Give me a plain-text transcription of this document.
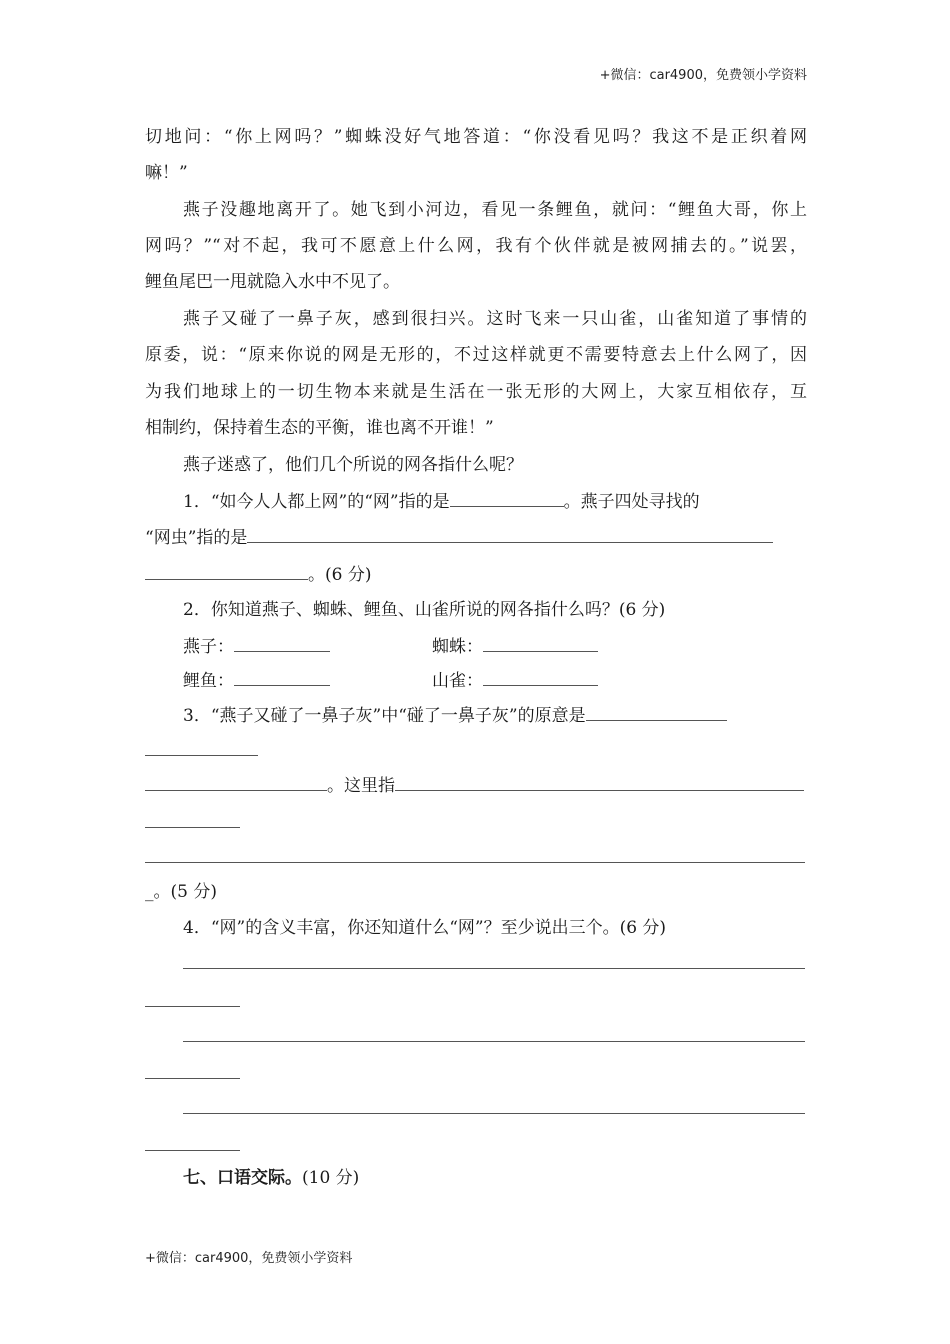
+微信：car4900，免费领小学资料
切地问：“你上网吗？”蜘蛛没好气地答道：“你没看见吗？我这不是正织着网
嘛！”
燕子没趣地离开了。她飞到小河边，看见一条鲤鱼，就问：“鲤鱼大哥，你上
网吗？”“对不起，我可不愿意上什么网，我有个伙伴就是被网捕去的。”说罢，
鲤鱼尾巴一甩就隐入水中不见了。
燕子又碰了一鼻子灰，感到很扫兴。这时飞来一只山雀，山雀知道了事情的
原委，说：“原来你说的网是无形的，不过这样就更不需要特意去上什么网了，因
为我们地球上的一切生物本来就是生活在一张无形的大网上，大家互相依存，互
相制约，保持着生态的平衡，谁也离不开谁！”
燕子迷惑了，他们几个所说的网各指什么呢？
1．“如今人人都上网”的“网”指的是	。燕子四处寻找的
“网虫”指的是
。(6 分)
2．你知道燕子、蜘蛛、鲤鱼、山雀所说的网各指什么吗？(6 分)
燕子：	蜘蛛：
鲤鱼：	山雀：
3．“燕子又碰了一鼻子灰”中“碰了一鼻子灰”的原意是
。这里指
_。(5 分)
4．“网”的含义丰富，你还知道什么“网”？至少说出三个。(6 分)
七、口语交际。(10 分)
+微信：car4900，免费领小学资料
